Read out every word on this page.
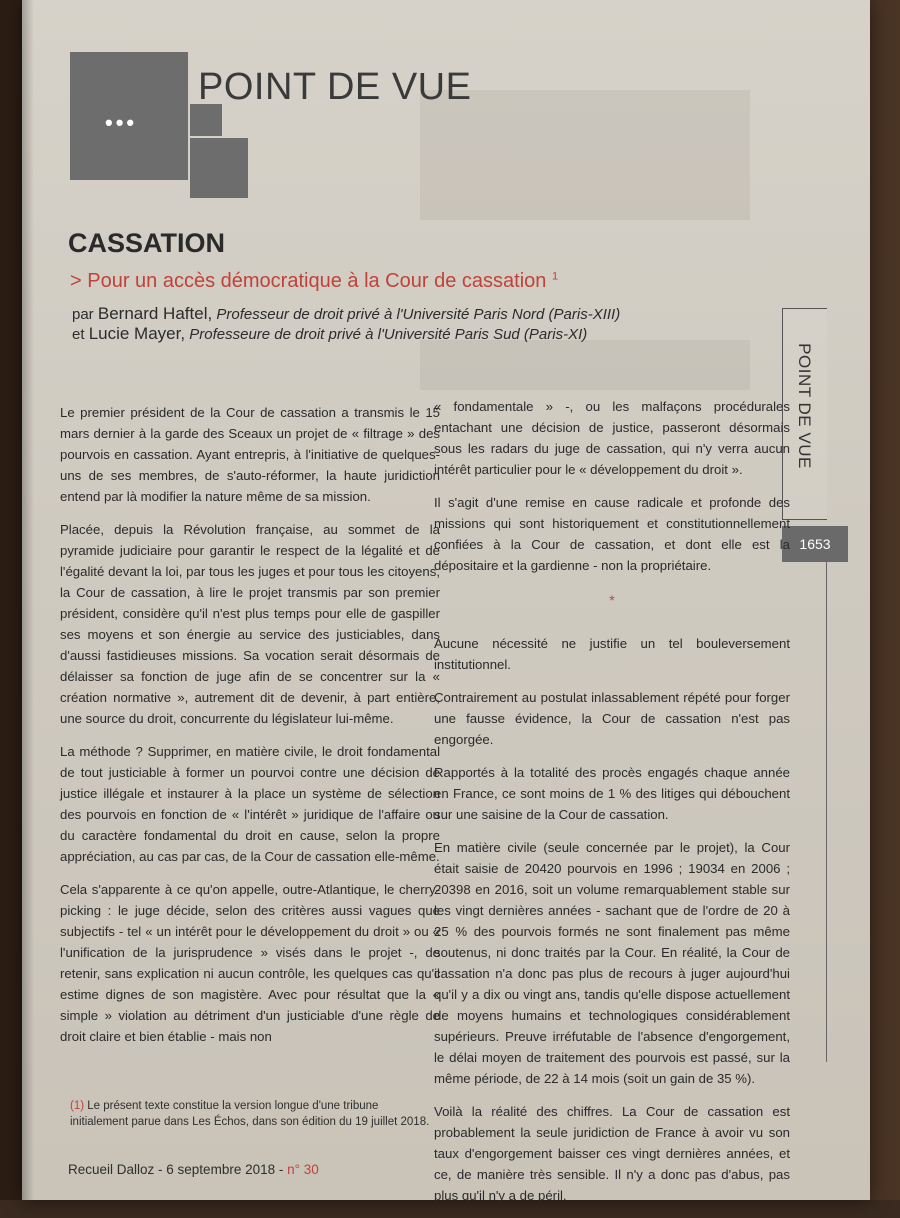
•••
POINT DE VUE
CASSATION
> Pour un accès démocratique à la Cour de cassation $^1$
par Bernard Haftel, Professeur de droit privé à l'Université Paris Nord (Paris-XIII)
et Lucie Mayer, Professeure de droit privé à l'Université Paris Sud (Paris-XI)
POINT DE VUE
1653

Le premier président de la Cour de cassation a transmis le 15 mars dernier à la garde des Sceaux un projet de « filtrage » des pourvois en cassation. Ayant entrepris, à l'initiative de quelques-uns de ses membres, de s'auto-réformer, la haute juridiction entend par là modifier la nature même de sa mission.

Placée, depuis la Révolution française, au sommet de la pyramide judiciaire pour garantir le respect de la légalité et de l'égalité devant la loi, par tous les juges et pour tous les citoyens, la Cour de cassation, à lire le projet transmis par son premier président, considère qu'il n'est plus temps pour elle de gaspiller ses moyens et son énergie au service des justiciables, dans d'aussi fastidieuses missions. Sa vocation serait désormais de délaisser sa fonction de juge afin de se concentrer sur la « création normative », autrement dit de devenir, à part entière, une source du droit, concurrente du législateur lui-même.

La méthode ? Supprimer, en matière civile, le droit fondamental de tout justiciable à former un pourvoi contre une décision de justice illégale et instaurer à la place un système de sélection des pourvois en fonction de « l'intérêt » juridique de l'affaire ou du caractère fondamental du droit en cause, selon la propre appréciation, au cas par cas, de la Cour de cassation elle-même.

Cela s'apparente à ce qu'on appelle, outre-Atlantique, le cherry-picking : le juge décide, selon des critères aussi vagues que subjectifs - tel « un intérêt pour le développement du droit » ou « l'unification de la jurisprudence » visés dans le projet -, de retenir, sans explication ni aucun contrôle, les quelques cas qu'il estime dignes de son magistère. Avec pour résultat que la « simple » violation au détriment d'un justiciable d'une règle de droit claire et bien établie - mais non

« fondamentale » -, ou les malfaçons procédurales entachant une décision de justice, passeront désormais sous les radars du juge de cassation, qui n'y verra aucun intérêt particulier pour le « développement du droit ».

Il s'agit d'une remise en cause radicale et profonde des missions qui sont historiquement et constitutionnellement confiées à la Cour de cassation, et dont elle est la dépositaire et la gardienne - non la propriétaire.

*

Aucune nécessité ne justifie un tel bouleversement institutionnel.

Contrairement au postulat inlassablement répété pour forger une fausse évidence, la Cour de cassation n'est pas engorgée.

Rapportés à la totalité des procès engagés chaque année en France, ce sont moins de 1 % des litiges qui débouchent sur une saisine de la Cour de cassation.

En matière civile (seule concernée par le projet), la Cour était saisie de 20420 pourvois en 1996 ; 19034 en 2006 ; 20398 en 2016, soit un volume remarquablement stable sur les vingt dernières années - sachant que de l'ordre de 20 à 25 % des pourvois formés ne sont finalement pas même soutenus, ni donc traités par la Cour. En réalité, la Cour de cassation n'a donc pas plus de recours à juger aujourd'hui qu'il y a dix ou vingt ans, tandis qu'elle dispose actuellement de moyens humains et technologiques considérablement supérieurs. Preuve irréfutable de l'absence d'engorgement, le délai moyen de traitement des pourvois est passé, sur la même période, de 22 à 14 mois (soit un gain de 35 %).

Voilà la réalité des chiffres. La Cour de cassation est probablement la seule juridiction de France à avoir vu son taux d'engorgement baisser ces vingt dernières années, et ce, de manière très sensible. Il n'y a donc pas d'abus, pas plus qu'il n'y a de péril.

(1) Le présent texte constitue la version longue d'une tribune initialement parue dans Les Échos, dans son édition du 19 juillet 2018.
Recueil Dalloz - 6 septembre 2018 - n° 30
